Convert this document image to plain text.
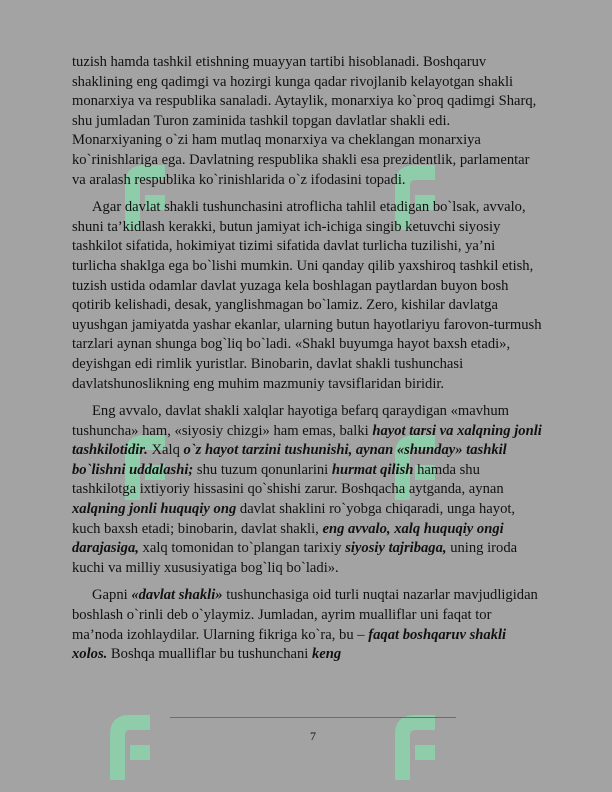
tuzish hamda tashkil etishning muayyan tartibi hisoblanadi. Boshqaruv shaklining eng qadimgi va hozirgi kunga qadar rivojlanib kelayotgan shakli monarxiya va respublika sanaladi. Aytaylik, monarxiya ko`proq qadimgi Sharq, shu jumladan Turon zaminida tashkil topgan davlatlar shakli edi. Monarxiyaning o`zi ham mutlaq monarxiya va cheklangan monarxiya ko`rinishlariga ega. Davlatning respublika shakli esa prezidentlik, parlamentar va aralash respublika ko`rinishlarida o`z ifodasini topadi.

Agar davlat shakli tushunchasini atroflicha tahlil etadigan bo`lsak, avvalo, shuni ta’kidlash kerakki, butun jamiyat ich-ichiga singib ketuvchi siyosiy tashkilot sifatida, hokimiyat tizimi sifatida davlat turlicha tuzilishi, ya’ni turlicha shaklga ega bo`lishi mumkin. Uni qanday qilib yaxshiroq tashkil etish, tuzish ustida odamlar davlat yuzaga kela boshlagan paytlardan buyon bosh qotirib kelishadi, desak, yanglishmagan bo`lamiz. Zero, kishilar davlatga uyushgan jamiyatda yashar ekanlar, ularning butun hayotlariyu farovon-turmush tarzlari aynan shunga bog`liq bo`ladi. «Shakl buyumga hayot baxsh etadi», deyishgan edi rimlik yuristlar. Binobarin, davlat shakli tushunchasi davlatshunoslikning eng muhim mazmuniy tavsiflaridan biridir.

Eng avvalo, davlat shakli xalqlar hayotiga befarq qaraydigan «mavhum tushuncha» ham, «siyosiy chizgi» ham emas, balki hayot tarsi va xalqning jonli tashkilotidir. Xalq o`z hayot tarzini tushunishi, aynan «shunday» tashkil bo`lishni uddalashi; shu tuzum qonunlarini hurmat qilish hamda shu tashkilotga ixtiyoriy hissasini qo`shishi zarur. Boshqacha aytganda, aynan xalqning jonli huquqiy ong davlat shaklini ro`yobga chiqaradi, unga hayot, kuch baxsh etadi; binobarin, davlat shakli, eng avvalo, xalq huquqiy ongi darajasiga, xalq tomonidan to`plangan tarixiy siyosiy tajribaga, uning iroda kuchi va milliy xususiyatiga bog`liq bo`ladi».

Gapni «davlat shakli» tushunchasiga oid turli nuqtai nazarlar mavjudligidan boshlash o`rinli deb o`ylaymiz. Jumladan, ayrim mualliflar uni faqat tor ma’noda izohlaydilar. Ularning fikriga ko`ra, bu – faqat boshqaruv shakli xolos. Boshqa mualliflar bu tushunchani keng

7
